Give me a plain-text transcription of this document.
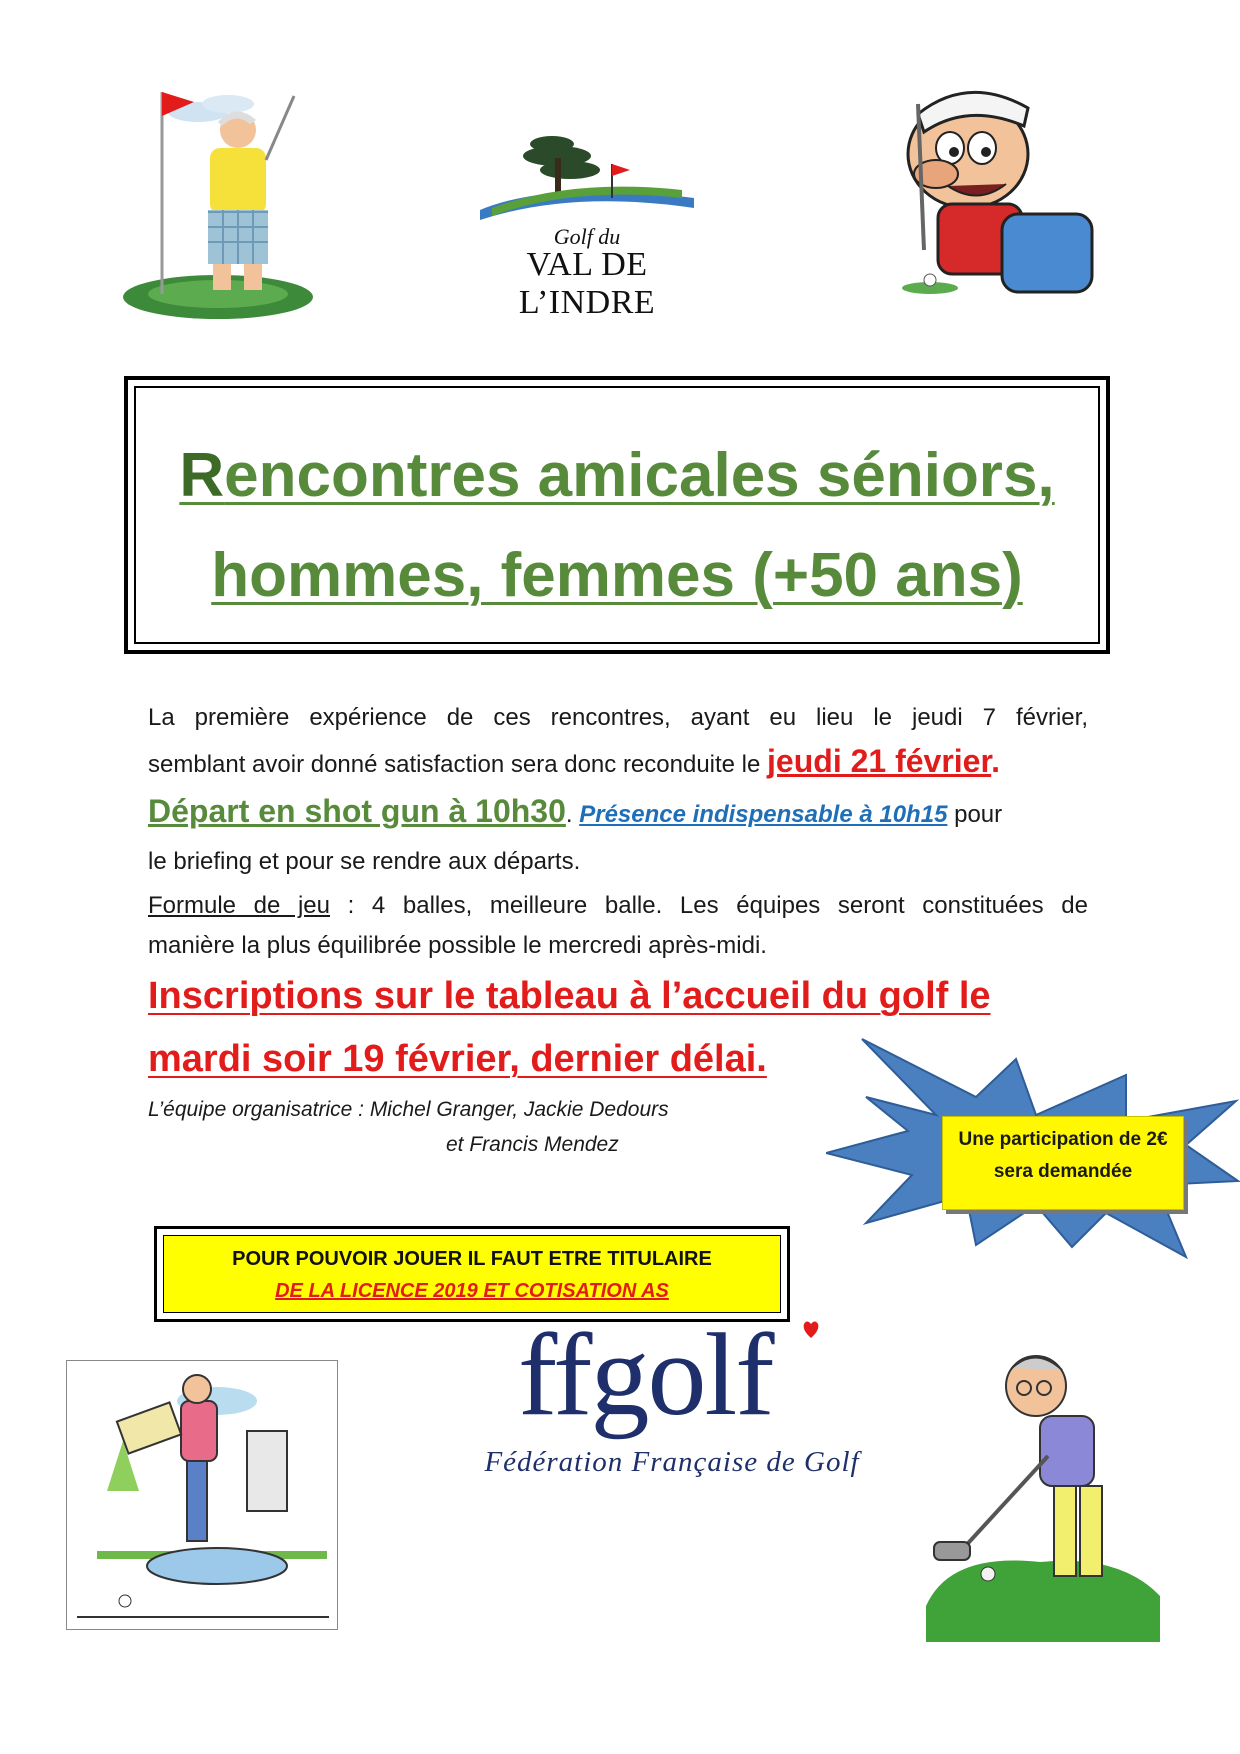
Golf du
VAL DE L’INDRE
Rencontres amicales séniors,
hommes, femmes (+50 ans)
La première expérience de ces rencontres, ayant eu lieu le jeudi 7 février,
semblant avoir donné satisfaction sera donc reconduite le jeudi 21 février.
Départ en shot gun à 10h30. Présence indispensable à 10h15 pour
le briefing et pour se rendre aux départs.
Formule de jeu : 4 balles, meilleure balle. Les équipes seront constituées de
manière la plus équilibrée possible le mercredi après-midi.
Inscriptions sur le tableau à l’accueil du golf le
mardi soir 19 février, dernier délai.
L’équipe organisatrice : Michel Granger, Jackie Dedours
et Francis Mendez	Une participation de 2€
sera demandée
POUR POUVOIR JOUER IL FAUT ETRE TITULAIRE
DE LA LICENCE 2019 ET COTISATION AS
ffgolf
Fédération Française de Golf
